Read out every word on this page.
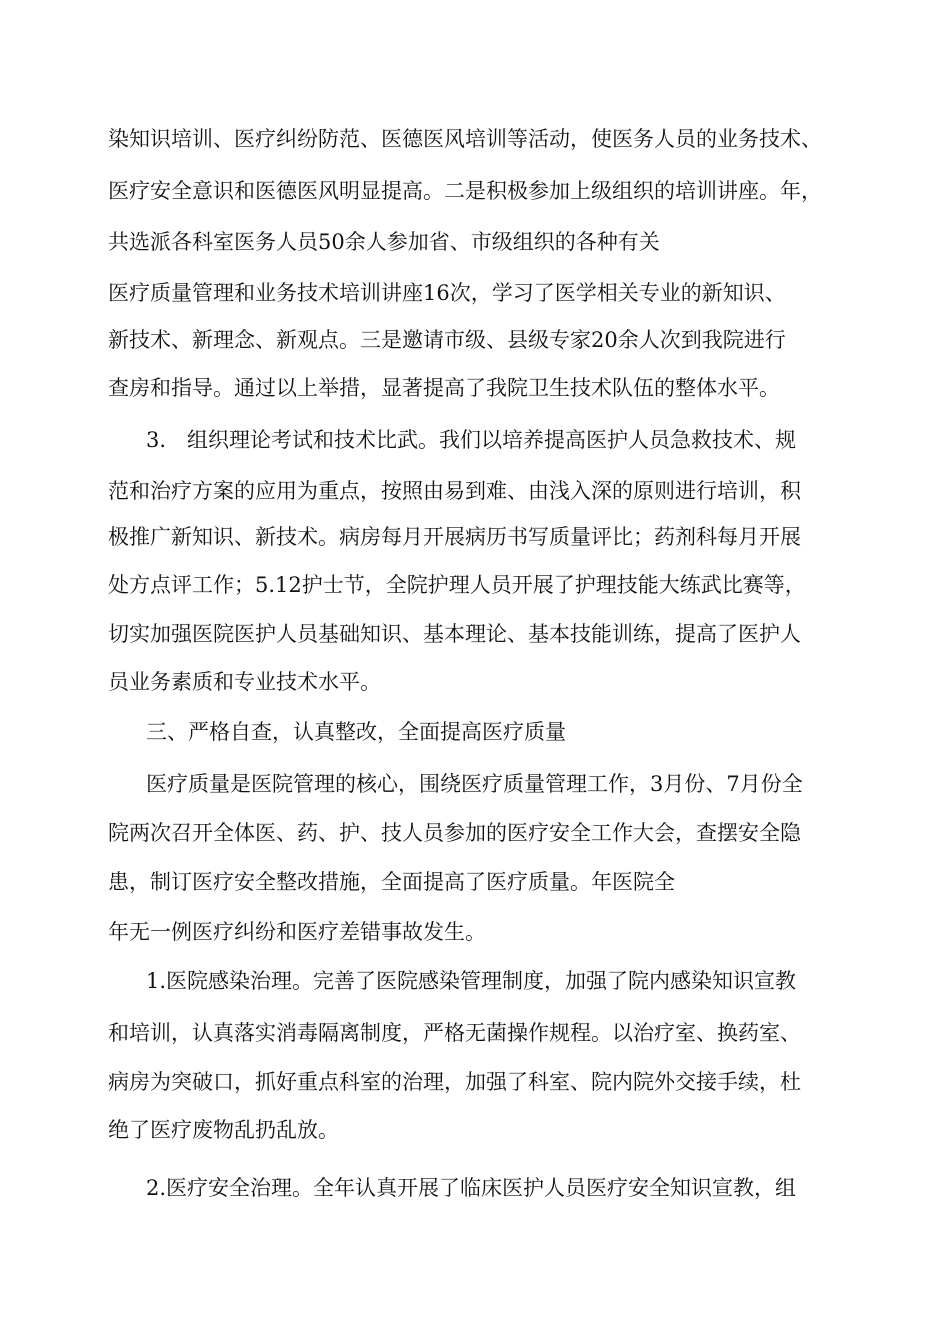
染知识培训、医疗纠纷防范、医德医风培训等活动，使医务人员的业务技术、
医疗安全意识和医德医风明显提高。二是积极参加上级组织的培训讲座。年，
共选派各科室医务人员50余人参加省、市级组织的各种有关
医疗质量管理和业务技术培训讲座16次，学习了医学相关专业的新知识、
新技术、新理念、新观点。三是邀请市级、县级专家20余人次到我院进行
查房和指导。通过以上举措，显著提高了我院卫生技术队伍的整体水平。
3.　组织理论考试和技术比武。我们以培养提高医护人员急救技术、规
范和治疗方案的应用为重点，按照由易到难、由浅入深的原则进行培训，积
极推广新知识、新技术。病房每月开展病历书写质量评比；药剂科每月开展
处方点评工作；5.12护士节，全院护理人员开展了护理技能大练武比赛等，
切实加强医院医护人员基础知识、基本理论、基本技能训练，提高了医护人
员业务素质和专业技术水平。
三、严格自查，认真整改，全面提高医疗质量
医疗质量是医院管理的核心，围绕医疗质量管理工作，3月份、7月份全
院两次召开全体医、药、护、技人员参加的医疗安全工作大会，查摆安全隐
患，制订医疗安全整改措施，全面提高了医疗质量。年医院全
年无一例医疗纠纷和医疗差错事故发生。
1.医院感染治理。完善了医院感染管理制度，加强了院内感染知识宣教
和培训，认真落实消毒隔离制度，严格无菌操作规程。以治疗室、换药室、
病房为突破口，抓好重点科室的治理，加强了科室、院内院外交接手续，杜
绝了医疗废物乱扔乱放。
2.医疗安全治理。全年认真开展了临床医护人员医疗安全知识宣教，组
